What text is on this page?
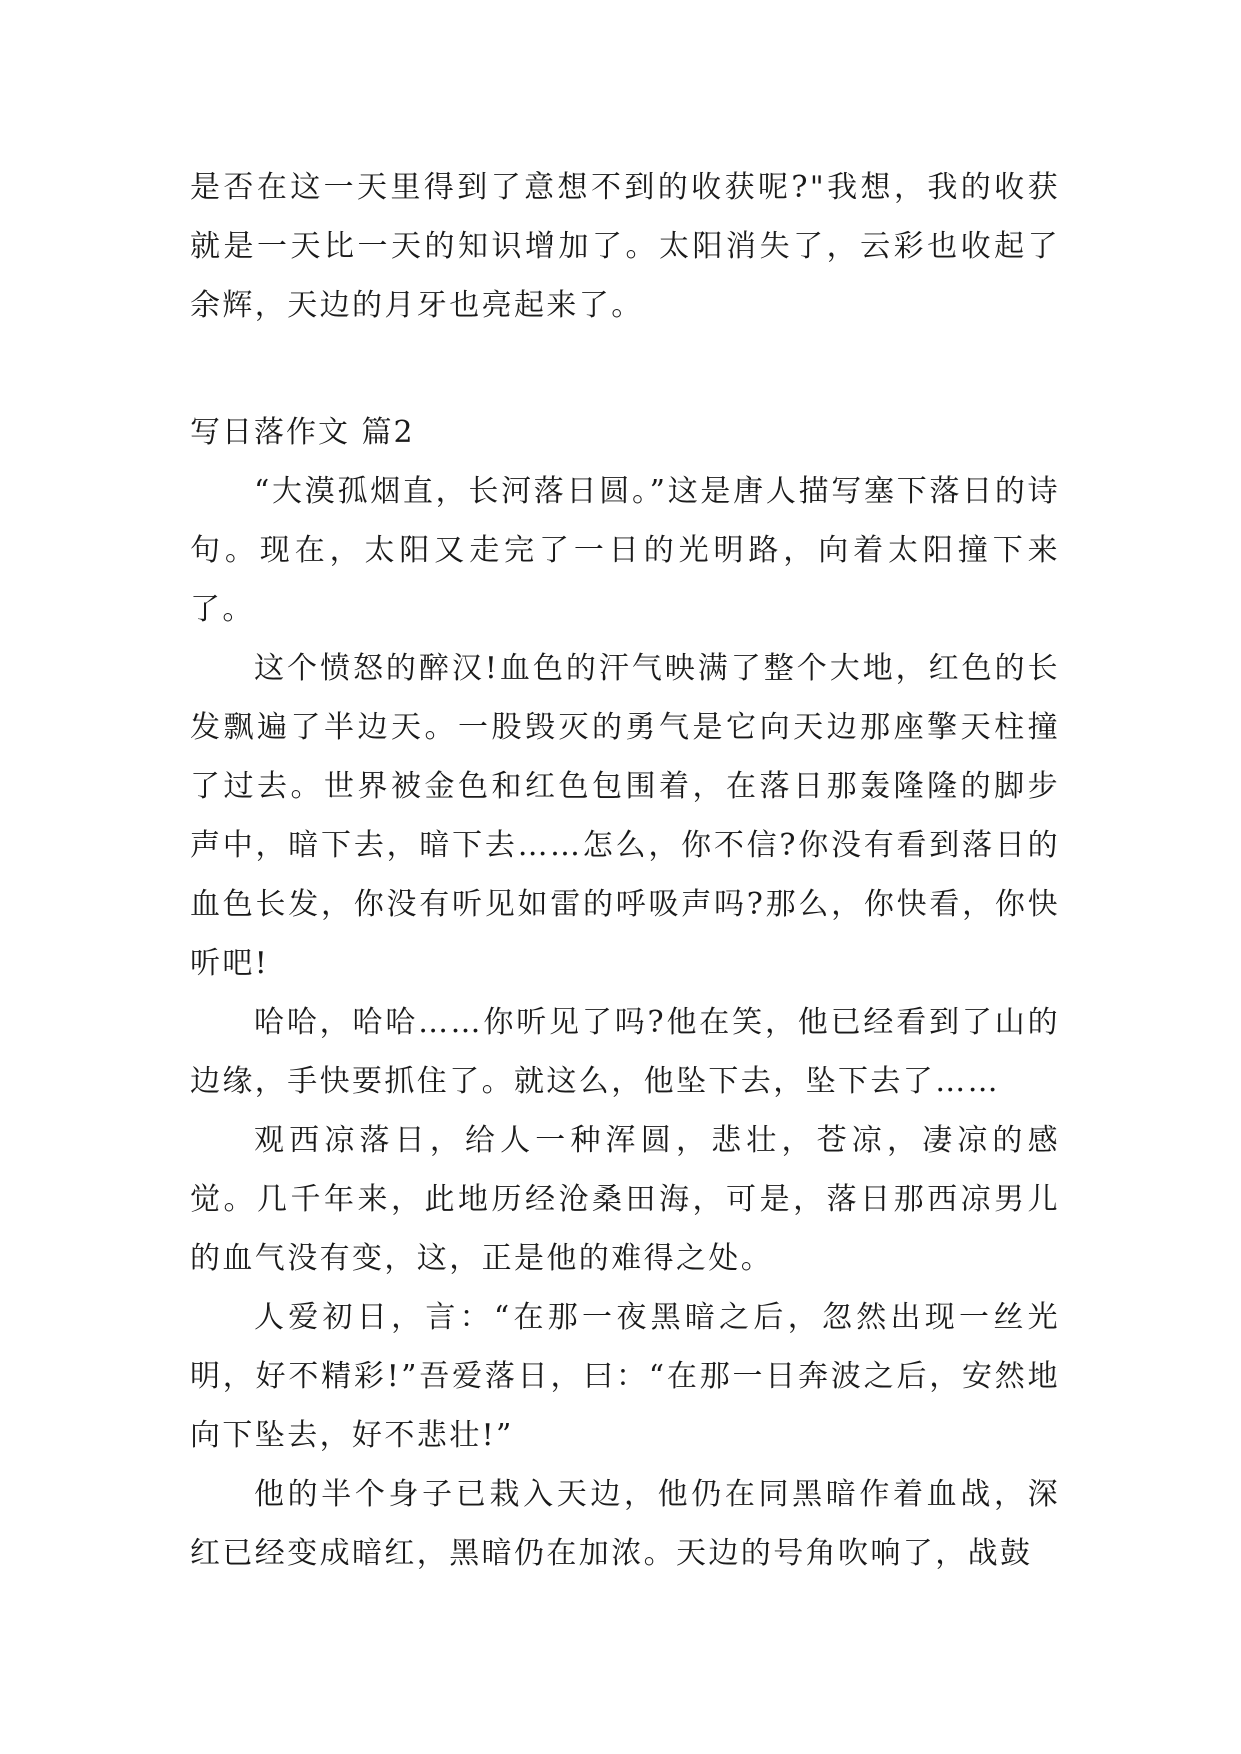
是否在这一天里得到了意想不到的收获呢?"我想，我的收获就是一天比一天的知识增加了。太阳消失了，云彩也收起了余辉，天边的月牙也亮起来了。

写日落作文 篇2

“大漠孤烟直，长河落日圆。”这是唐人描写塞下落日的诗句。现在，太阳又走完了一日的光明路，向着太阳撞下来了。

这个愤怒的醉汉!血色的汗气映满了整个大地，红色的长发飘遍了半边天。一股毁灭的勇气是它向天边那座擎天柱撞了过去。世界被金色和红色包围着，在落日那轰隆隆的脚步声中，暗下去，暗下去……怎么，你不信?你没有看到落日的血色长发，你没有听见如雷的呼吸声吗?那么，你快看，你快听吧!

哈哈，哈哈……你听见了吗?他在笑，他已经看到了山的边缘，手快要抓住了。就这么，他坠下去，坠下去了……

观西凉落日，给人一种浑圆，悲壮，苍凉，凄凉的感觉。几千年来，此地历经沧桑田海，可是，落日那西凉男儿的血气没有变，这，正是他的难得之处。

人爱初日，言：“在那一夜黑暗之后，忽然出现一丝光明，好不精彩!”吾爱落日，曰：“在那一日奔波之后，安然地向下坠去，好不悲壮!”

他的半个身子已栽入天边，他仍在同黑暗作着血战，深红已经变成暗红，黑暗仍在加浓。天边的号角吹响了，战鼓
